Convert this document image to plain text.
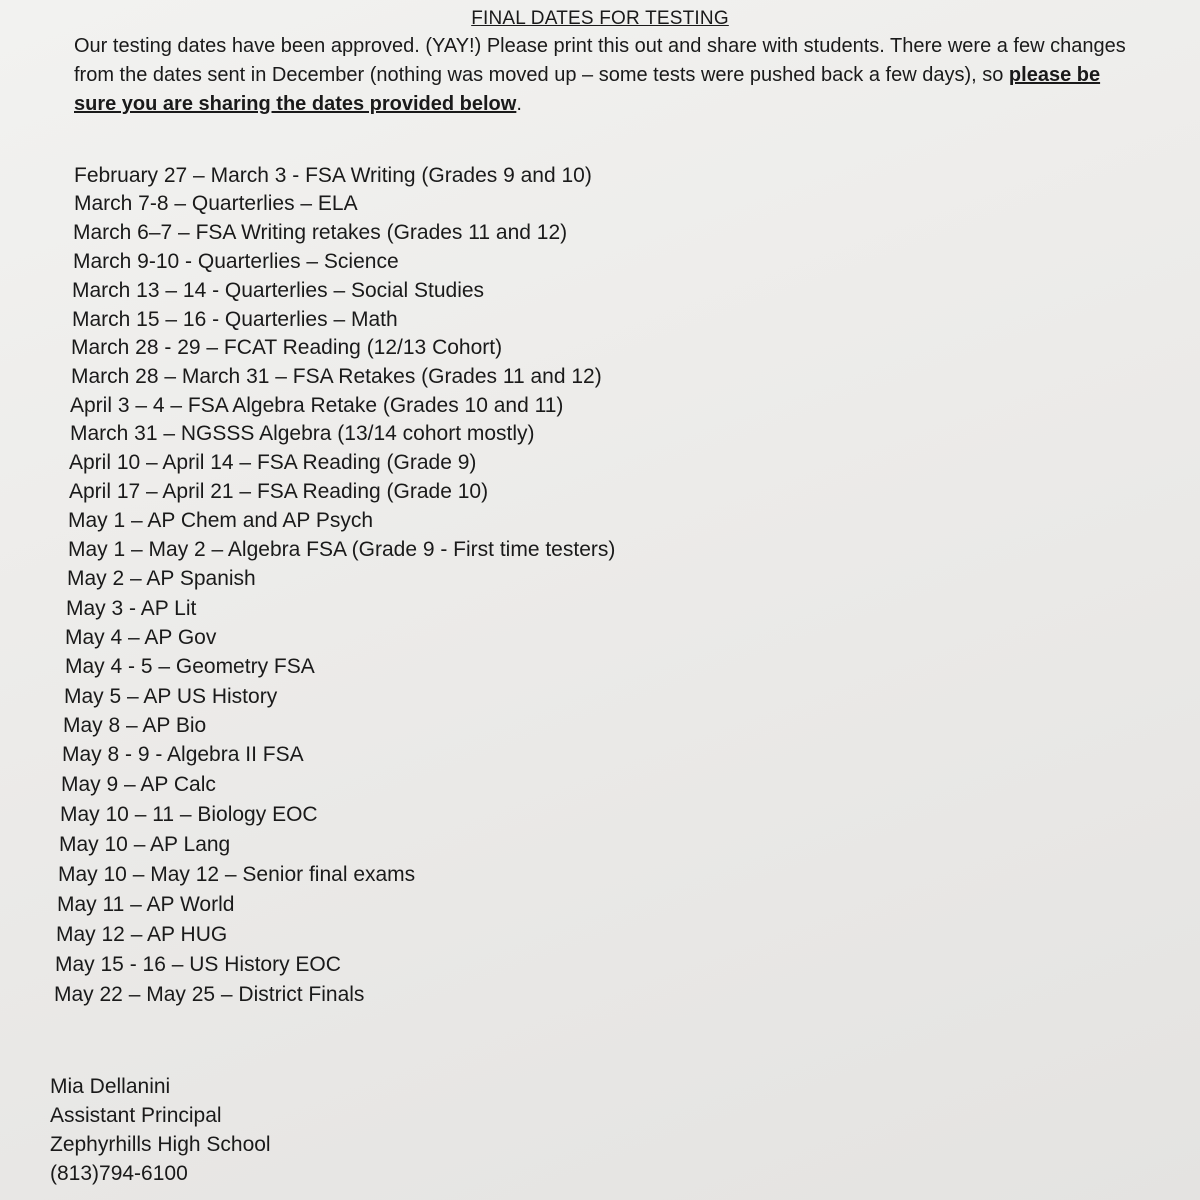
FINAL DATES FOR TESTING
Our testing dates have been approved. (YAY!) Please print this out and share with students. There were a few changes from the dates sent in December (nothing was moved up – some tests were pushed back a few days), so please be sure you are sharing the dates provided below.
February 27 – March 3 - FSA Writing (Grades 9 and 10)
March 7-8 – Quarterlies – ELA
March 6–7 – FSA Writing retakes (Grades 11 and 12)
March 9-10 - Quarterlies – Science
March 13 – 14 - Quarterlies – Social Studies
March 15 – 16 - Quarterlies – Math
March 28 - 29 – FCAT Reading (12/13 Cohort)
March 28 – March 31 – FSA Retakes (Grades 11 and 12)
April 3 – 4 – FSA Algebra Retake (Grades 10 and 11)
March 31 – NGSSS Algebra (13/14 cohort mostly)
April 10 – April 14 – FSA Reading (Grade 9)
April 17 – April 21 – FSA Reading (Grade 10)
May 1 – AP Chem and AP Psych
May 1 – May 2 – Algebra FSA (Grade 9 - First time testers)
May 2 – AP Spanish
May 3 - AP Lit
May 4 – AP Gov
May 4 - 5 – Geometry FSA
May 5 – AP US History
May 8 – AP Bio
May 8 - 9 - Algebra II FSA
May 9 – AP Calc
May 10 – 11 – Biology EOC
May 10 – AP Lang
May 10 – May 12 – Senior final exams
May 11 – AP World
May 12 – AP HUG
May 15 - 16 – US History EOC
May 22 – May 25 – District Finals
Mia Dellanini
Assistant Principal
Zephyrhills High School
(813)794-6100
